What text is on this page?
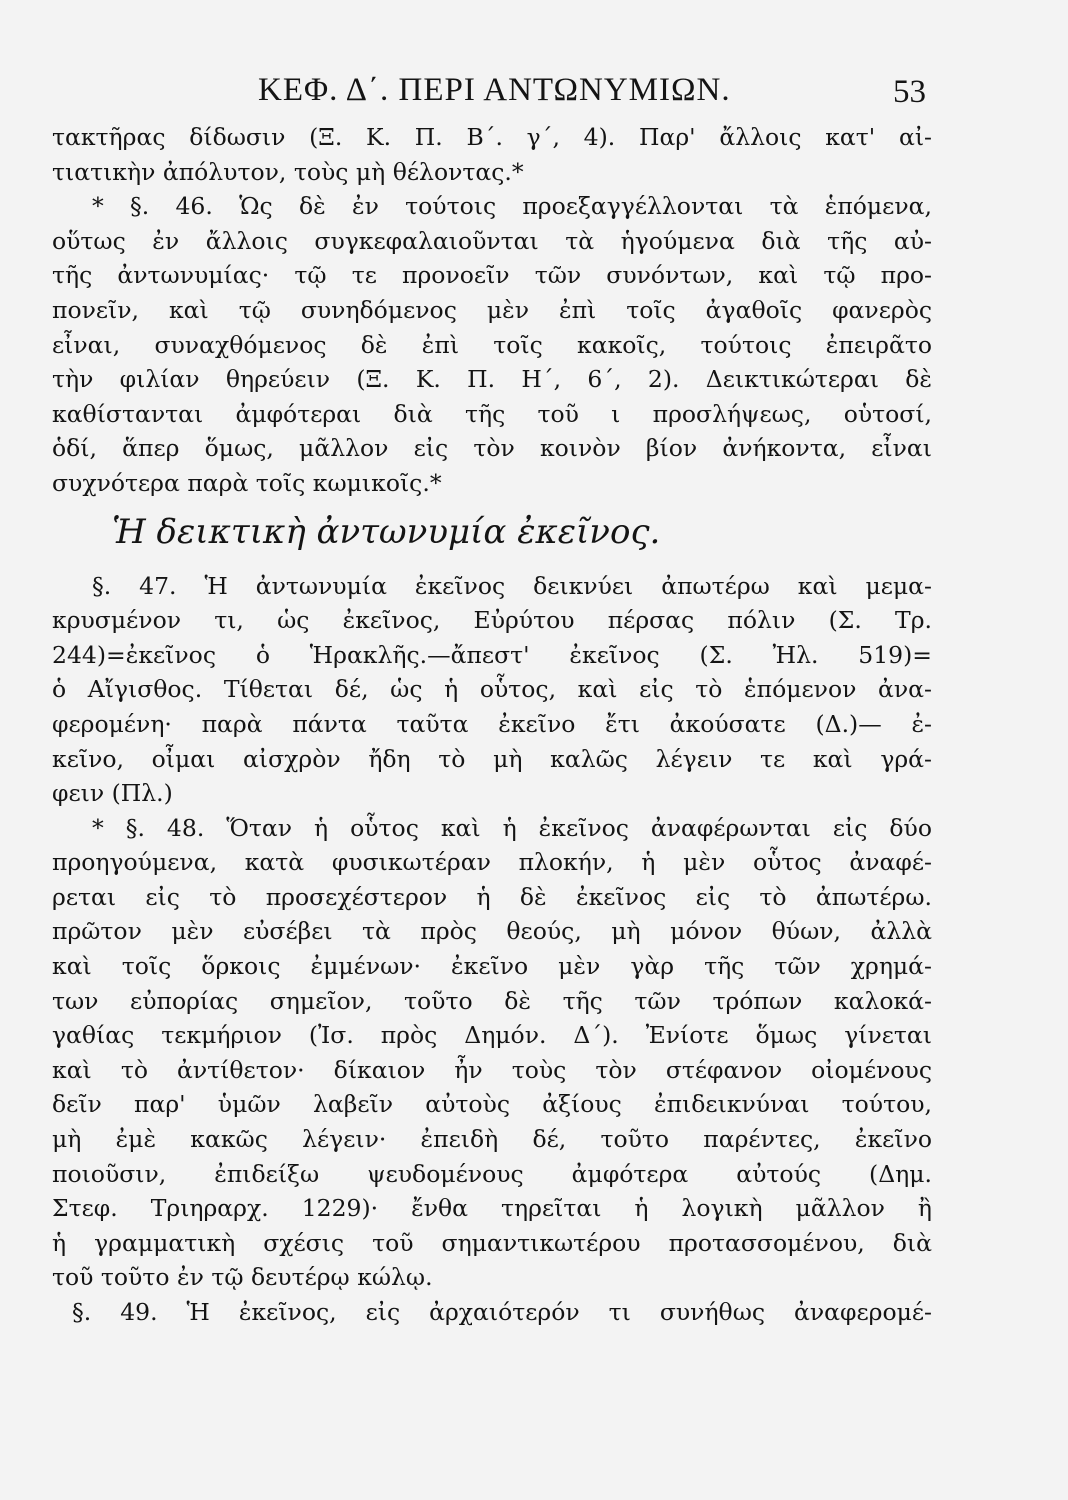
ΚΕΦ. Δ΄. ΠΕΡΙ ΑΝΤΩΝΥΜΙΩΝ.	53
τακτῆρας δίδωσιν (Ξ. Κ. Π. Β΄. γ΄, 4). Παρ' ἄλλοις κατ' αἰ-
τιατικὴν ἀπόλυτον, τοὺς μὴ θέλοντας.*
* §. 46. Ὡς δὲ ἐν τούτοις προεξαγγέλλονται τὰ ἑπόμενα,
οὕτως ἐν ἄλλοις συγκεφαλαιοῦνται τὰ ἡγούμενα διὰ τῆς αὐ-
τῆς ἀντωνυμίας· τῷ τε προνοεῖν τῶν συνόντων, καὶ τῷ προ-
πονεῖν, καὶ τῷ συνηδόμενος μὲν ἐπὶ τοῖς ἀγαθοῖς φανερὸς
εἶναι, συναχθόμενος δὲ ἐπὶ τοῖς κακοῖς, τούτοις ἐπειρᾶτο
τὴν φιλίαν θηρεύειν (Ξ. Κ. Π. Η΄, 6΄, 2). Δεικτικώτεραι δὲ
καθίστανται ἀμφότεραι διὰ τῆς τοῦ ι προσλήψεως, οὑτοσί,
ὁδί, ἅπερ ὅμως, μᾶλλον εἰς τὸν κοινὸν βίον ἀνήκοντα, εἶναι
συχνότερα παρὰ τοῖς κωμικοῖς.*
Ἡ δεικτικὴ ἀντωνυμία ἐκεῖνος.
§. 47. Ἡ ἀντωνυμία ἐκεῖνος δεικνύει ἀπωτέρω καὶ μεμα-
κρυσμένον τι, ὡς ἐκεῖνος, Εὐρύτου πέρσας πόλιν (Σ. Τρ.
244)=ἐκεῖνος ὁ Ἡρακλῆς.—ἄπεστ' ἐκεῖνος (Σ. Ἠλ. 519)=
ὁ Αἴγισθος. Τίθεται δέ, ὡς ἡ οὗτος, καὶ εἰς τὸ ἑπόμενον ἀνα-
φερομένη· παρὰ πάντα ταῦτα ἐκεῖνο ἔτι ἀκούσατε (Δ.)— ἐ-
κεῖνο, οἶμαι αἰσχρὸν ἤδη τὸ μὴ καλῶς λέγειν τε καὶ γρά-
φειν (Πλ.)
* §. 48. Ὅταν ἡ οὗτος καὶ ἡ ἐκεῖνος ἀναφέρωνται εἰς δύο
προηγούμενα, κατὰ φυσικωτέραν πλοκήν, ἡ μὲν οὗτος ἀναφέ-
ρεται εἰς τὸ προσεχέστερον ἡ δὲ ἐκεῖνος εἰς τὸ ἀπωτέρω.
πρῶτον μὲν εὐσέβει τὰ πρὸς θεούς, μὴ μόνον θύων, ἀλλὰ
καὶ τοῖς ὅρκοις ἐμμένων· ἐκεῖνο μὲν γὰρ τῆς τῶν χρημά-
των εὐπορίας σημεῖον, τοῦτο δὲ τῆς τῶν τρόπων καλοκά-
γαθίας τεκμήριον (Ἰσ. πρὸς Δημόν. Δ΄). Ἐνίοτε ὅμως γίνεται
καὶ τὸ ἀντίθετον· δίκαιον ἦν τοὺς τὸν στέφανον οἰομένους
δεῖν παρ' ὑμῶν λαβεῖν αὐτοὺς ἀξίους ἐπιδεικνύναι τούτου,
μὴ ἐμὲ κακῶς λέγειν· ἐπειδὴ δέ, τοῦτο παρέντες, ἐκεῖνο
ποιοῦσιν, ἐπιδείξω ψευδομένους ἀμφότερα αὐτούς (Δημ.
Στεφ. Τριηραρχ. 1229)· ἔνθα τηρεῖται ἡ λογικὴ μᾶλλον ἢ
ἡ γραμματικὴ σχέσις τοῦ σημαντικωτέρου προτασσομένου, διὰ
τοῦ τοῦτο ἐν τῷ δευτέρῳ κώλῳ.
§. 49. Ἡ ἐκεῖνος, εἰς ἀρχαιότερόν τι συνήθως ἀναφερομέ-
